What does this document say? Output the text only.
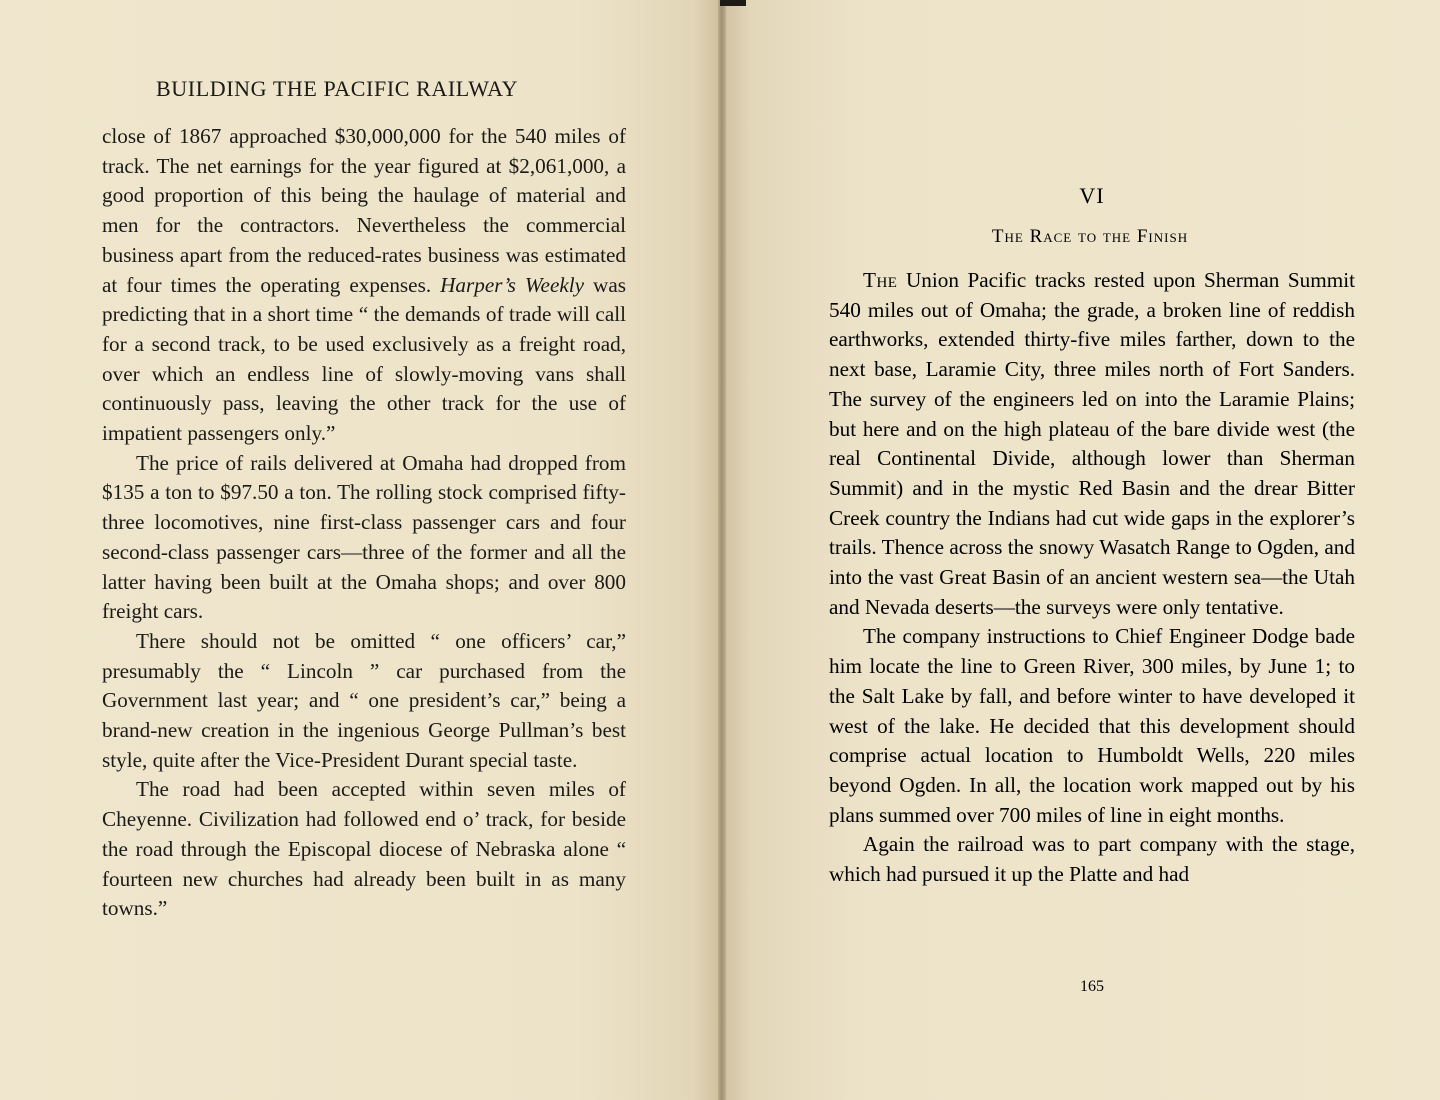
BUILDING THE PACIFIC RAILWAY

close of 1867 approached $30,000,000 for the 540 miles of track. The net earnings for the year figured at $2,061,000, a good proportion of this being the haulage of material and men for the contractors. Nevertheless the commercial business apart from the reduced-rates business was estimated at four times the operating expenses. Harper’s Weekly was predicting that in a short time “ the demands of trade will call for a second track, to be used exclusively as a freight road, over which an endless line of slowly-moving vans shall continuously pass, leaving the other track for the use of impatient passengers only.”

The price of rails delivered at Omaha had dropped from $135 a ton to $97.50 a ton. The rolling stock comprised fifty-three locomotives, nine first-class passenger cars and four second-class passenger cars—three of the former and all the latter having been built at the Omaha shops; and over 800 freight cars.

There should not be omitted “ one officers’ car,” presumably the “ Lincoln ” car purchased from the Government last year; and “ one president’s car,” being a brand-new creation in the ingenious George Pullman’s best style, quite after the Vice-President Durant special taste.

The road had been accepted within seven miles of Cheyenne. Civilization had followed end o’ track, for beside the road through the Episcopal diocese of Nebraska alone “ fourteen new churches had already been built in as many towns.”

VI
The Race to the Finish

The Union Pacific tracks rested upon Sherman Summit 540 miles out of Omaha; the grade, a broken line of reddish earthworks, extended thirty-five miles farther, down to the next base, Laramie City, three miles north of Fort Sanders. The survey of the engineers led on into the Laramie Plains; but here and on the high plateau of the bare divide west (the real Continental Divide, although lower than Sherman Summit) and in the mystic Red Basin and the drear Bitter Creek country the Indians had cut wide gaps in the explorer’s trails. Thence across the snowy Wasatch Range to Ogden, and into the vast Great Basin of an ancient western sea—the Utah and Nevada deserts—the surveys were only tentative.

The company instructions to Chief Engineer Dodge bade him locate the line to Green River, 300 miles, by June 1; to the Salt Lake by fall, and before winter to have developed it west of the lake. He decided that this development should comprise actual location to Humboldt Wells, 220 miles beyond Ogden. In all, the location work mapped out by his plans summed over 700 miles of line in eight months.

Again the railroad was to part company with the stage, which had pursued it up the Platte and had

165
